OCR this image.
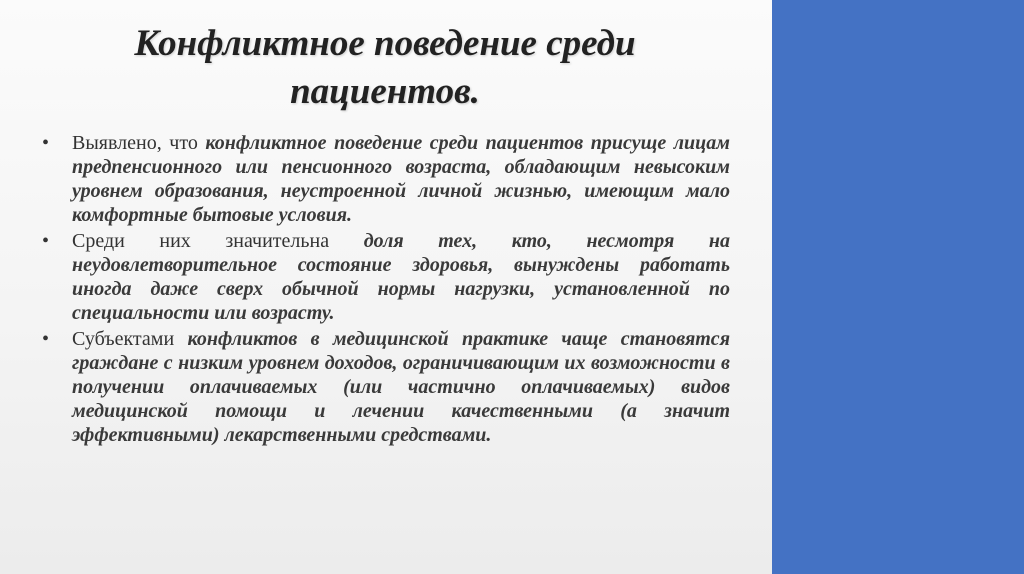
Конфликтное поведение среди
пациентов.
• Выявлено, что конфликтное поведение среди пациентов присуще лицам предпенсионного или пенсионного возраста, обладающим невысоким уровнем образования, неустроенной личной жизнью, имеющим мало комфортные бытовые условия.
• Среди них значительна доля тех, кто, несмотря на неудовлетворительное состояние здоровья, вынуждены работать иногда даже сверх обычной нормы нагрузки, установленной по специальности или возрасту.
• Субъектами конфликтов в медицинской практике чаще становятся граждане с низким уровнем доходов, ограничивающим их возможности в получении оплачиваемых (или частично оплачиваемых) видов медицинской помощи и лечении качественными (а значит эффективными) лекарственными средствами.
